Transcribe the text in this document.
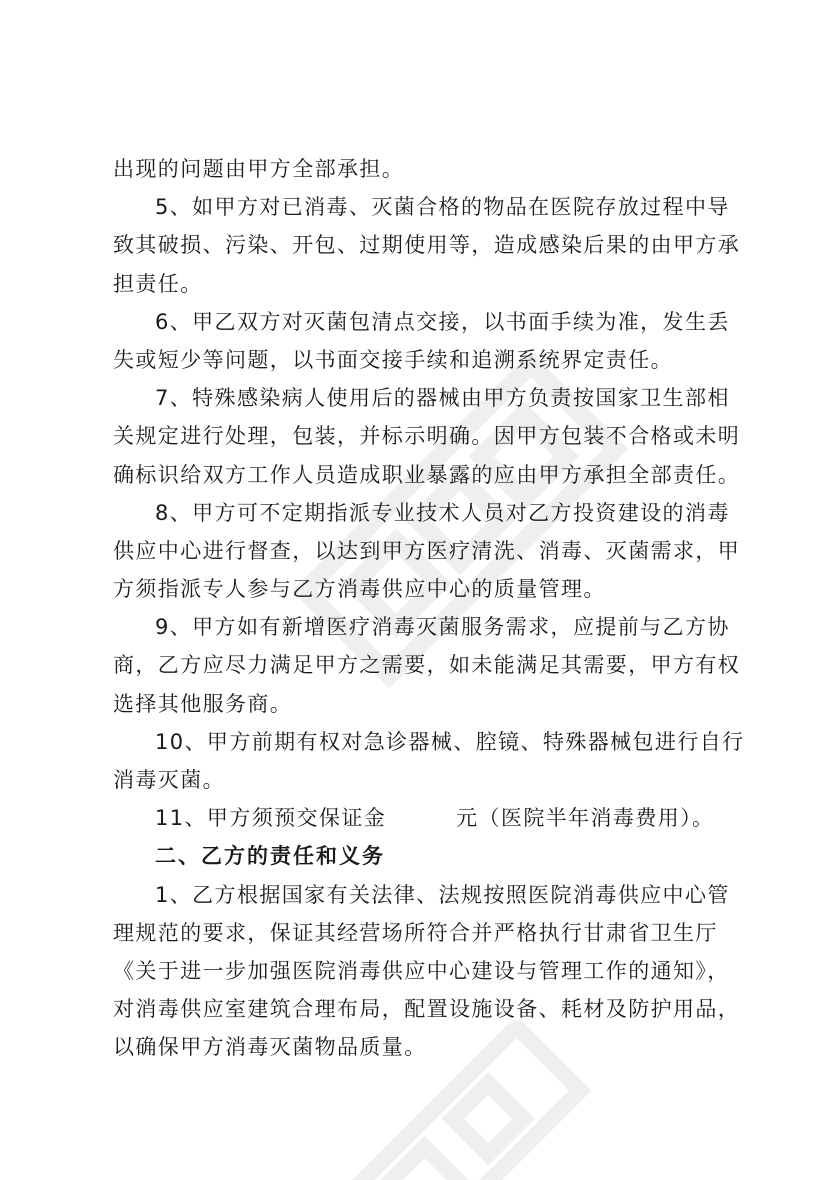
出现的问题由甲方全部承担。
5、如甲方对已消毒、灭菌合格的物品在医院存放过程中导
致其破损、污染、开包、过期使用等，造成感染后果的由甲方承
担责任。
6、甲乙双方对灭菌包清点交接，以书面手续为准，发生丢
失或短少等问题，以书面交接手续和追溯系统界定责任。
7、特殊感染病人使用后的器械由甲方负责按国家卫生部相
关规定进行处理，包装，并标示明确。因甲方包装不合格或未明
确标识给双方工作人员造成职业暴露的应由甲方承担全部责任。
8、甲方可不定期指派专业技术人员对乙方投资建设的消毒
供应中心进行督查，以达到甲方医疗清洗、消毒、灭菌需求，甲
方须指派专人参与乙方消毒供应中心的质量管理。
9、甲方如有新增医疗消毒灭菌服务需求，应提前与乙方协
商，乙方应尽力满足甲方之需要，如未能满足其需要，甲方有权
选择其他服务商。
10、甲方前期有权对急诊器械、腔镜、特殊器械包进行自行
消毒灭菌。
11、甲方须预交保证金	元（医院半年消毒费用）。
二、乙方的责任和义务
1、乙方根据国家有关法律、法规按照医院消毒供应中心管
理规范的要求，保证其经营场所符合并严格执行甘肃省卫生厅
《关于进一步加强医院消毒供应中心建设与管理工作的通知》，
对消毒供应室建筑合理布局，配置设施设备、耗材及防护用品，
以确保甲方消毒灭菌物品质量。
